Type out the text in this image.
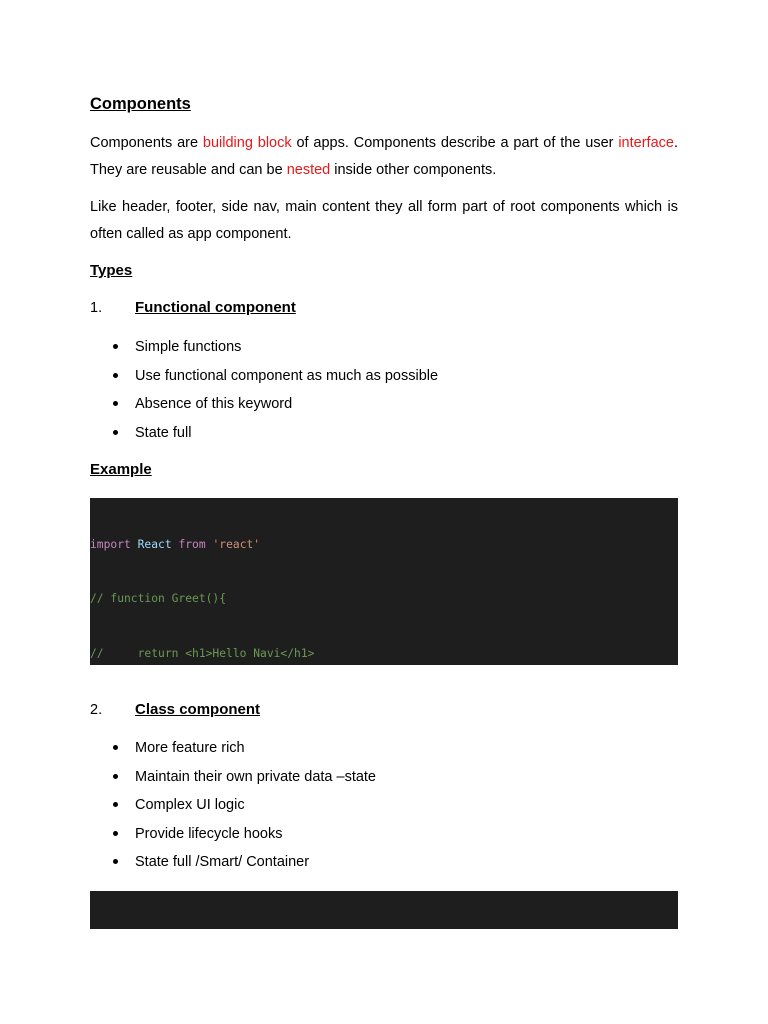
Components

Components are building block of apps. Components describe a part of the user interface. They are reusable and can be nested inside other components.

Like header, footer, side nav, main content they all form part of root components which is often called as app component.

Types
1. Functional component
Simple functions
Use functional component as much as possible
Absence of this keyword
State full
Example

import React from 'react'

// function Greet(){

//     return <h1>Hello Navi</h1>

2. Class component
More feature rich
Maintain their own private data –state
Complex UI logic
Provide lifecycle hooks
State full /Smart/ Container
